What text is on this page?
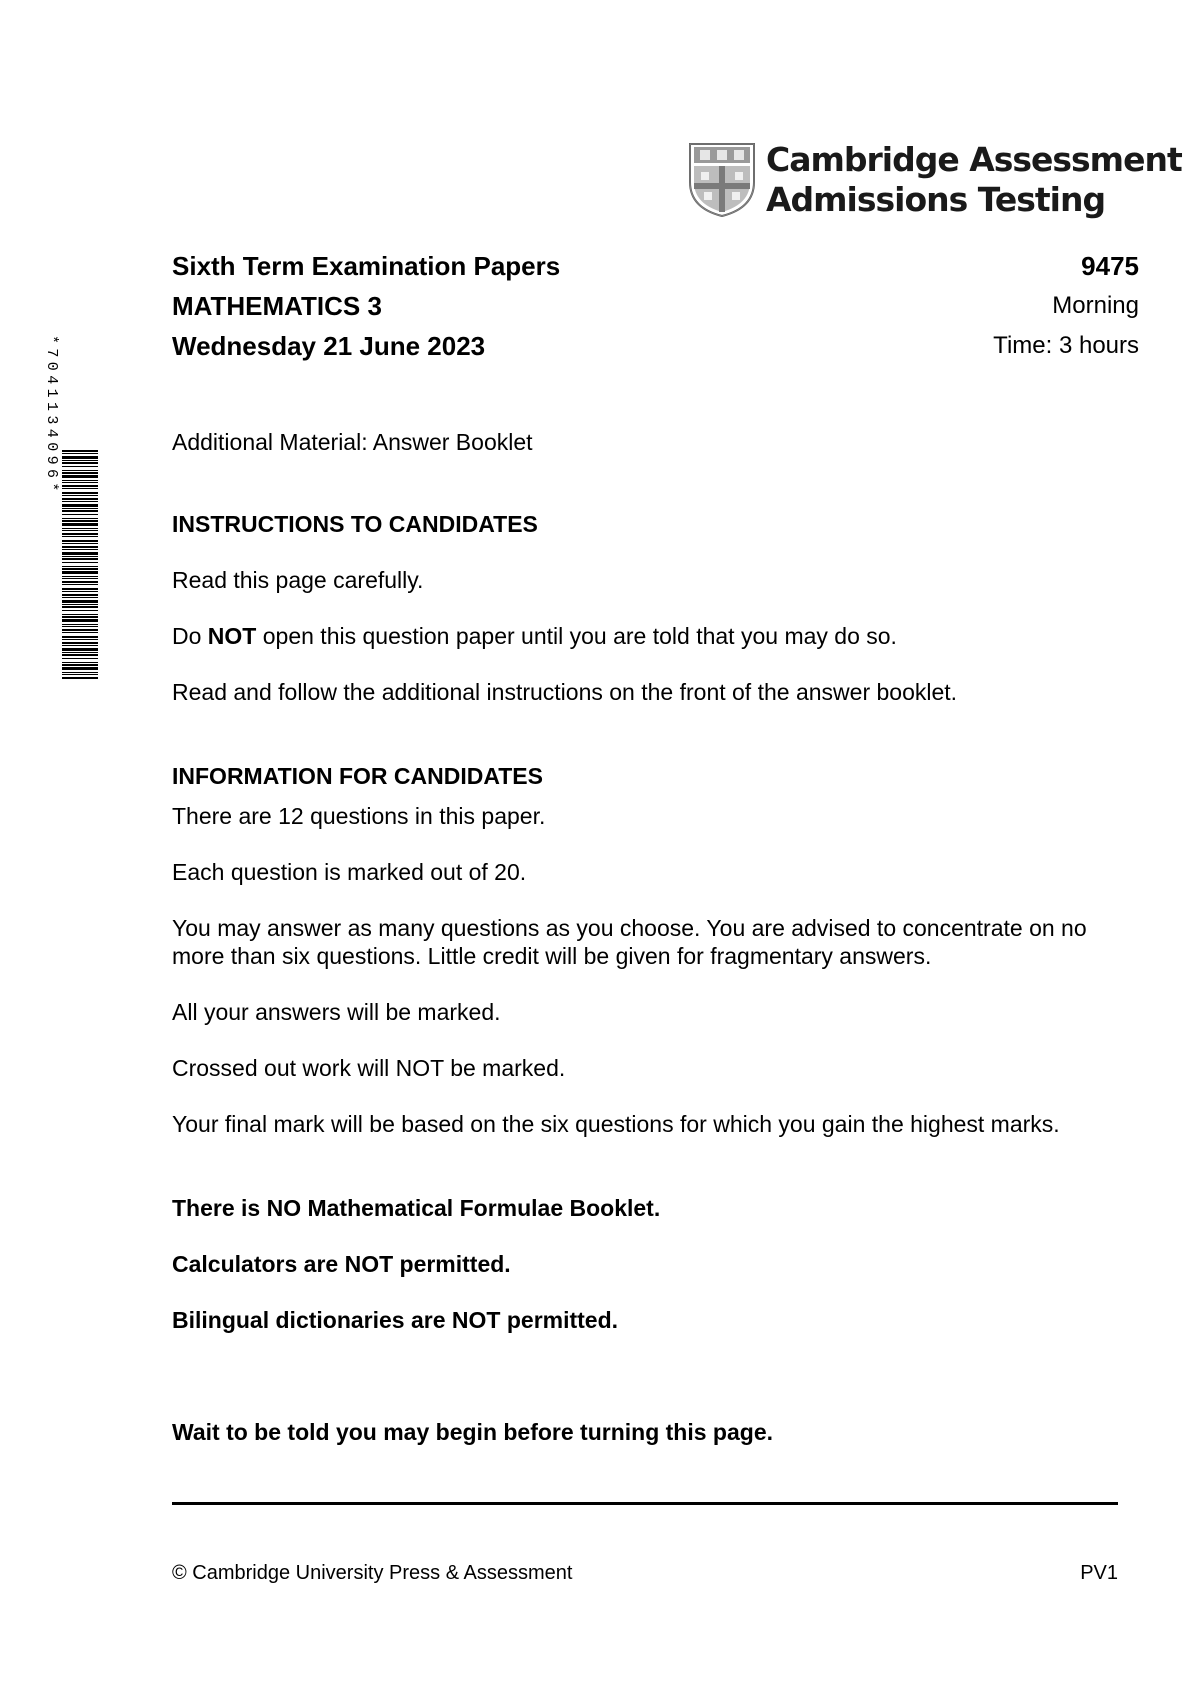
Cambridge Assessment
Admissions Testing
Sixth Term Examination Papers
MATHEMATICS 3
Wednesday 21 June 2023
9475
Morning
Time: 3 hours
*7041134096*	Additional Material: Answer Booklet
INSTRUCTIONS TO CANDIDATES
Read this page carefully.
Do NOT open this question paper until you are told that you may do so.
Read and follow the additional instructions on the front of the answer booklet.
INFORMATION FOR CANDIDATES
There are 12 questions in this paper.
Each question is marked out of 20.
You may answer as many questions as you choose. You are advised to concentrate on no more than six questions. Little credit will be given for fragmentary answers.
All your answers will be marked.
Crossed out work will NOT be marked.
Your final mark will be based on the six questions for which you gain the highest marks.
There is NO Mathematical Formulae Booklet.
Calculators are NOT permitted.
Bilingual dictionaries are NOT permitted.
Wait to be told you may begin before turning this page.
© Cambridge University Press & Assessment	PV1
